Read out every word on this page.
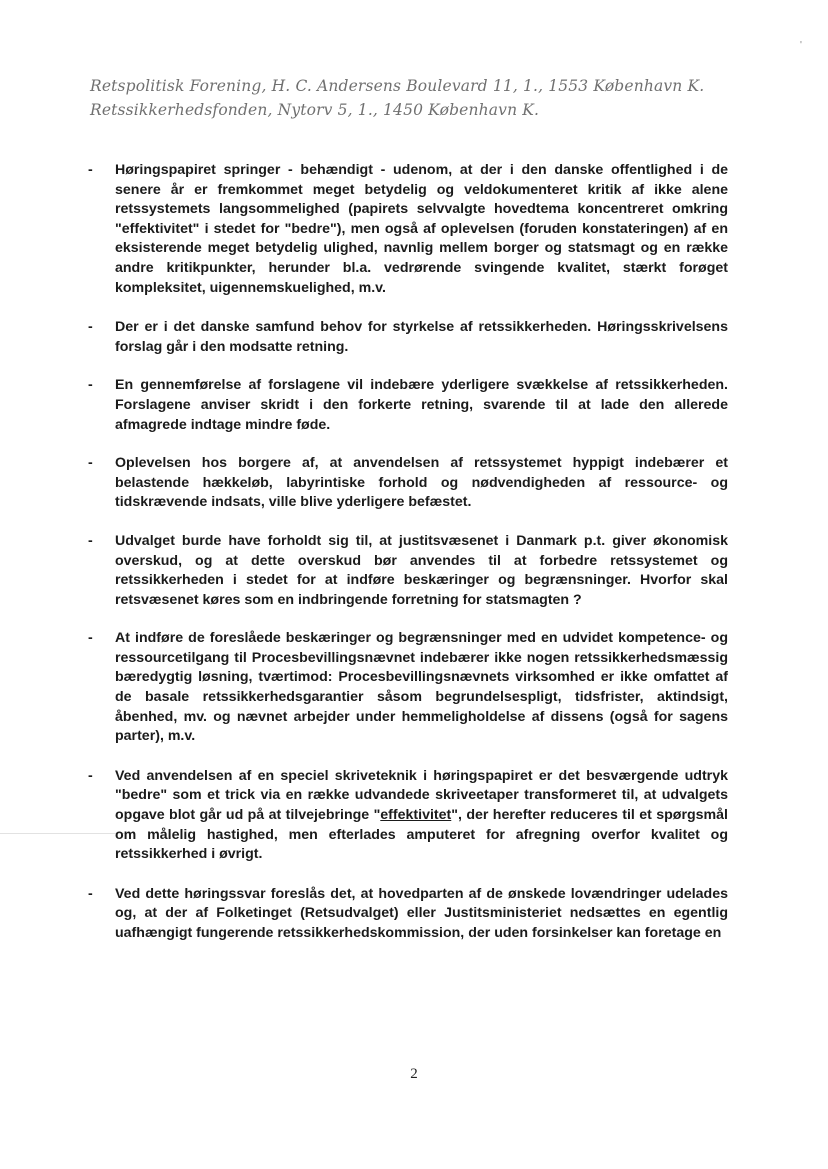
'
Retspolitisk Forening, H. C. Andersens Boulevard 11, 1., 1553 København K.
Retssikkerhedsfonden, Nytorv 5, 1., 1450 København K.
- Høringspapiret springer - behændigt - udenom, at der i den danske offentlighed i de senere år er fremkommet meget betydelig og veldokumenteret kritik af ikke alene retssystemets langsommelighed (papirets selvvalgte hovedtema koncentreret omkring "effektivitet" i stedet for "bedre"), men også af oplevelsen (foruden konstateringen) af en eksisterende meget betydelig ulighed, navnlig mellem borger og statsmagt og en række andre kritikpunkter, herunder bl.a. vedrørende svingende kvalitet, stærkt forøget kompleksitet, uigennemskuelighed, m.v.
- Der er i det danske samfund behov for styrkelse af retssikkerheden. Høringsskrivelsens forslag går i den modsatte retning.
- En gennemførelse af forslagene vil indebære yderligere svækkelse af retssikkerheden. Forslagene anviser skridt i den forkerte retning, svarende til at lade den allerede afmagrede indtage mindre føde.
- Oplevelsen hos borgere af, at anvendelsen af retssystemet hyppigt indebærer et belastende hækkeløb, labyrintiske forhold og nødvendigheden af ressource- og tidskrævende indsats, ville blive yderligere befæstet.
- Udvalget burde have forholdt sig til, at justitsvæsenet i Danmark p.t. giver økonomisk overskud, og at dette overskud bør anvendes til at forbedre retssystemet og retssikkerheden i stedet for at indføre beskæringer og begrænsninger. Hvorfor skal retsvæsenet køres som en indbringende forretning for statsmagten ?
- At indføre de foreslåede beskæringer og begrænsninger med en udvidet kompetence- og ressourcetilgang til Procesbevillingsnævnet indebærer ikke nogen retssikkerhedsmæssig bæredygtig løsning, tværtimod: Procesbevillingsnævnets virksomhed er ikke omfattet af de basale retssikkerhedsgarantier såsom begrundelsespligt, tidsfrister, aktindsigt, åbenhed, mv. og nævnet arbejder under hemmeligholdelse af dissens (også for sagens parter), m.v.
- Ved anvendelsen af en speciel skriveteknik i høringspapiret er det besværgende udtryk "bedre" som et trick via en række udvandede skriveetaper transformeret til, at udvalgets opgave blot går ud på at tilvejebringe "effektivitet", der herefter reduceres til et spørgsmål om målelig hastighed, men efterlades amputeret for afregning overfor kvalitet og retssikkerhed i øvrigt.
- Ved dette høringssvar foreslås det, at hovedparten af de ønskede lovændringer udelades og, at der af Folketinget (Retsudvalget) eller Justitsministeriet nedsættes en egentlig uafhængigt fungerende retssikkerhedskommission, der uden forsinkelser kan foretage en
2
